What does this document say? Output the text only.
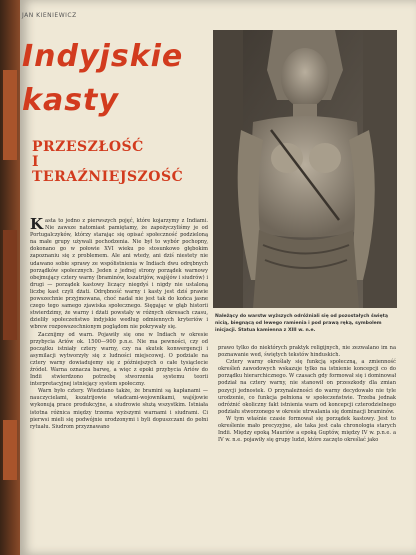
JAN KIENIEWICZ
Indyjskie
kasty
PRZESZŁOŚĆ
I
TERAŹNIEJSZOŚĆ
Należący do warstw wyższych odróżniali się od pozostałych świętą nicią, biegnącą od lewego ramienia i pod prawą ręką, symbolem inicjacji. Statua kamienna z XIII w. n.e.
K asta to jedno z pierwszych pojęć, które kojarzymy z Indiami. Nie zawsze natomiast pamiętamy, że zapożyczyliśmy je od Portugalczyków, którzy starając się opisać społeczność podzieloną na małe grupy używali pochodzenia. Nie był to wybór pochopny, dokonano go w połowie XVI wieku po stosunkowo głębokim zapoznaniu się z problemem. Ale ani wtedy, ani dziś niestety nie udawano sobie sprawy ze współistnienia w Indiach dwu odrębnych porządków społecznych. Jeden z jednej strony porządek warnowy obejmujący cztery warny (braminów, kszatrijów, wajśjów i siudrów) i drugi — porządek kastowy liczący niegdyś i nigdy nie ustaloną liczbę kast czyli dżati. Odrębność warny i kasty jest dziś prawie powszechnie przyjmowana, choć nadal nie jest tak do końca jasne czego tego samego zjawiska społecznego. Sięgając w głąb historii stwierdzimy, że warny i dżati powstały w różnych okresach czasu, dzieliły społeczeństwo indyjskie według odmiennych kryteriów i wbrew rozpowszechnionym poglądom nie pokrywały się.
Zacznijmy od warn. Pojawiły się one w Indiach w okresie przybycia Ariów ok. 1500—900 p.n.e. Nie ma pewności, czy od początku istniały cztery warny, czy na skutek konwergencji i asymilacji wytworzyły się z ludności miejscowej. O podziale na cztery warny dowiadujemy się z późniejszych o całe tysiąclecie źródeł. Warna oznacza barwę, a więc z epoki przybycia Ariów do Indii stwierdzono potrzebę stworzenia systemu teorii interpretacyjnej istniejący system społeczny.
Warn było cztery. Wiedziano także, że bramini są kapłanami — nauczycielami, kszatrijowie władcami-wojownikami, wajśjowie wykonują prace produkcyjne, a siudrowie służą wszystkim. Istniała istotna różnica między trzema wyższymi warnami i siudrami. Ci pierwsi mieli się podwójnie urodzonymi i byli dopuszczani do pełni rytuału. Siudrom przyznawano
prawo tylko do niektórych praktyk religijnych, nie zezwalano im na poznawanie wed, świętych tekstów hinduskich.
Cztery warny określały się funkcją społeczną, a zmienność określeń zawodowych wskazuje tylko na istnienie koncepcji co do porządku hierarchicznego. W czasach gdy formował się i dominował podział na cztery warny, nie stanowił on przeszkody dla zmian pozycji jednostek. O przynależności do warny decydowało nie tyle urodzenie, co funkcja pełniona w społeczeństwie. Trzeba jednak odróżnić okoliczny fakt istnienia warn od koncepcji czterodzielnego podziału stworzonego w okresie utrwalania się dominacji braminów.
W tym właśnie czasie formował się porządek kastowy. Jest to określenie mało precyzyjne, ale taka jest cała chronologia starych Indii. Między epoką Mauriów a epoką Guptów, między IV w. p.n.e. a IV w. n.e. pojawiły się grupy ludzi, które zaczęto określać jako
